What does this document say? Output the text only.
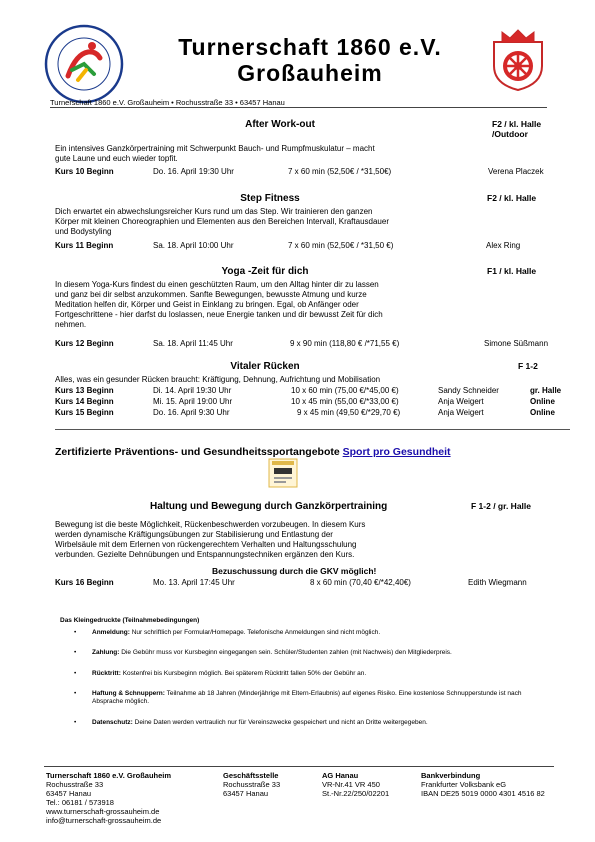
Turnerschaft 1860 e.V.
Großauheim
Turnerschaft 1860 e.V. Großauheim • Rochusstraße 33 • 63457 Hanau
After Work-out	F2 / kl. Halle
/Outdoor
Ein intensives Ganzkörpertraining mit Schwerpunkt Bauch- und Rumpfmuskulatur – macht
gute Laune und euch wieder topfit.
Kurs 10 Beginn	Do. 16. April 19:30 Uhr	7 x 60 min (52,50€ / *31,50€)	Verena Placzek
Step Fitness	F2 / kl. Halle
Dich erwartet ein abwechslungsreicher Kurs rund um das Step. Wir trainieren den ganzen
Körper mit kleinen Choreographien und Elementen aus den Bereichen Intervall, Kraftausdauer
und Bodystyling
Kurs 11 Beginn	Sa. 18. April 10:00 Uhr	7 x 60 min (52,50€ / *31,50 €)	Alex Ring
Yoga -Zeit für dich	F1 / kl. Halle
In diesem Yoga-Kurs findest du einen geschützten Raum, um den Alltag hinter dir zu lassen
und ganz bei dir selbst anzukommen. Sanfte Bewegungen, bewusste Atmung und kurze
Meditation helfen dir, Körper und Geist in Einklang zu bringen. Egal, ob Anfänger oder
Fortgeschrittene - hier darfst du loslassen, neue Energie tanken und dir bewusst Zeit für dich
nehmen.
Kurs 12 Beginn	Sa. 18. April 11:45 Uhr	9 x 90 min (118,80 € /*71,55 €)	Simone Süßmann
Vitaler Rücken	F 1-2
Alles, was ein gesunder Rücken braucht: Kräftigung, Dehnung, Aufrichtung und Mobilisation
Kurs 13 Beginn	Di. 14. April 19:30 Uhr	10 x 60 min (75,00 €/*45,00 €)	Sandy Schneider	gr. Halle
Kurs 14 Beginn	Mi. 15. April 19:00 Uhr	10 x 45 min (55,00 €/*33,00 €)	Anja Weigert	Online
Kurs 15 Beginn	Do. 16. April 9:30 Uhr	9 x 45 min (49,50 €/*29,70 €)	Anja Weigert	Online
Zertifizierte Präventions- und Gesundheitssportangebote Sport pro Gesundheit
Haltung und Bewegung durch Ganzkörpertraining	F 1-2 / gr. Halle
Bewegung ist die beste Möglichkeit, Rückenbeschwerden vorzubeugen. In diesem Kurs
werden dynamische Kräftigungsübungen zur Stabilisierung und Entlastung der
Wirbelsäule mit dem Erlernen von rückengerechtem Verhalten und Haltungsschulung
verbunden. Gezielte Dehnübungen und Entspannungstechniken ergänzen den Kurs.
Bezuschussung durch die GKV möglich!
Kurs 16 Beginn	Mo. 13. April 17:45 Uhr	8 x 60 min (70,40 €/*42,40€)	Edith Wiegmann
Das Kleingedruckte (Teilnahmebedingungen)
• Anmeldung: Nur schriftlich per Formular/Homepage. Telefonische Anmeldungen sind nicht möglich.
• Zahlung: Die Gebühr muss vor Kursbeginn eingegangen sein. Schüler/Studenten zahlen (mit Nachweis) den Mitgliederpreis.
• Rücktritt: Kostenfrei bis Kursbeginn möglich. Bei späterem Rücktritt fallen 50% der Gebühr an.
• Haftung & Schnuppern: Teilnahme ab 18 Jahren (Minderjährige mit Eltern-Erlaubnis) auf eigenes Risiko. Eine kostenlose Schnupperstunde ist nach Absprache möglich.
• Datenschutz: Deine Daten werden vertraulich nur für Vereinszwecke gespeichert und nicht an Dritte weitergegeben.
Turnerschaft 1860 e.V. Großauheim
Rochusstraße 33
63457 Hanau
Tel.: 06181 / 573918
www.turnerschaft-grossauheim.de
info@turnerschaft-grossauheim.de
Geschäftsstelle
Rochusstraße 33
63457 Hanau
AG Hanau
VR-Nr.41 VR 450
St.-Nr.22/250/02201
Bankverbindung
Frankfurter Volksbank eG
IBAN DE25 5019 0000 4301 4516 82
